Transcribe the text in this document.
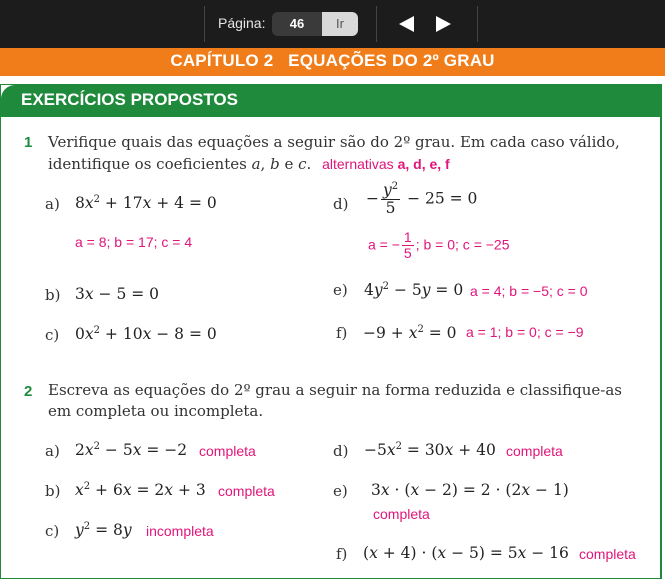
Página:	46	Ir
CAPÍTULO 2   EQUAÇÕES DO 2º GRAU
EXERCÍCIOS PROPOSTOS
1 Verifique quais das equações a seguir são do 2º grau. Em cada caso válido,
identifique os coeficientes a, b e c. alternativas a, d, e, f
a) $8x^2 + 17x + 4 = 0$
a = 8; b = 17; c = 4
$d) - \frac{y^2}{5} - 25 = 0$
a = − $\frac{1}{5}$ ; b = 0; c = −25
b) 3x − 5 = 0	e) $4y^2 - 5y = 0$ a = 4; b = −5; c = 0
c) $0x^2 + 10x - 8 = 0$	$f) -9 + x^2 = 0$ a = 1; b = 0; c = −9
2 Escreva as equações do 2º grau a seguir na forma reduzida e classifique-as
em completa ou incompleta.
a) $2x^2 - 5x = -2$ completa	$d) -5x^2 = 30x + 40$ completa
b) $x^2 + 6x = 2x + 3$ completa	e) 3x · (x − 2) = 2 · (2x − 1)
completa
c) $y^2 = 8y$ incompleta
f) (x + 4) · (x − 5) = 5x − 16 completa
